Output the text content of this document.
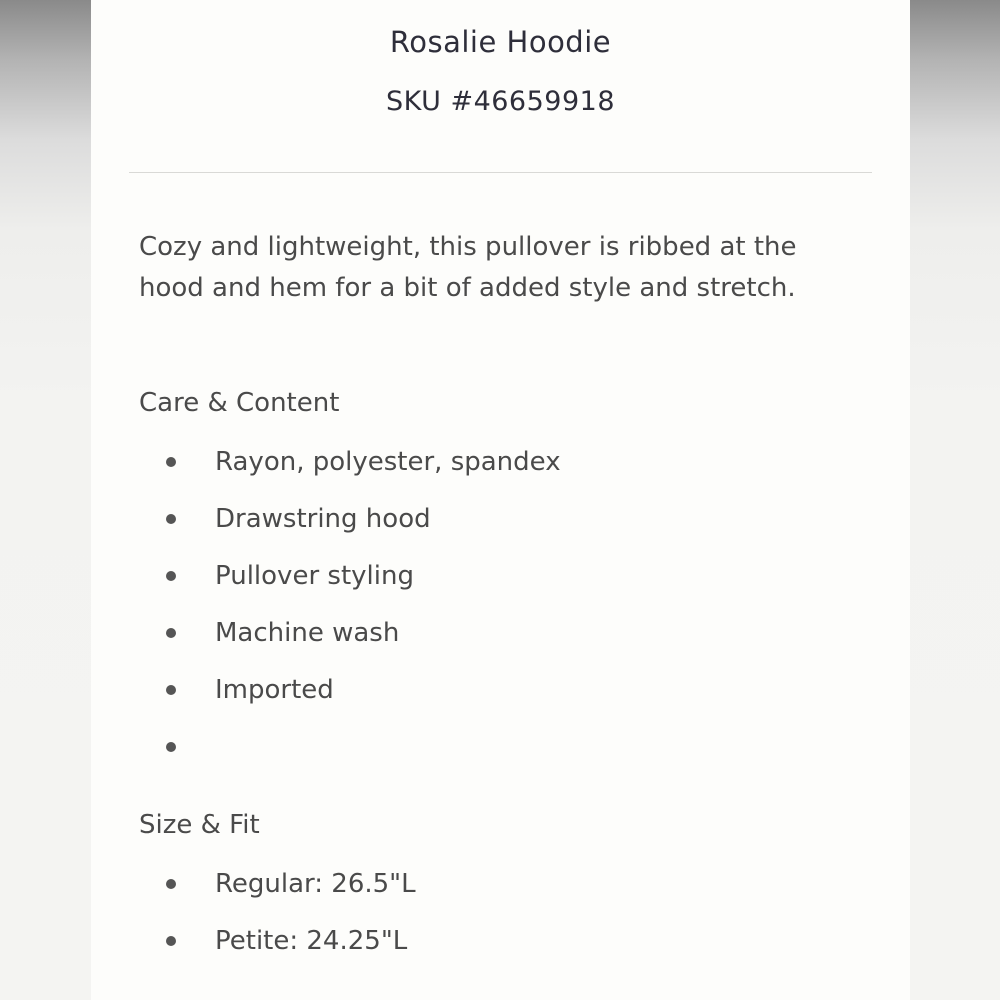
Rosalie Hoodie
SKU #46659918
Cozy and lightweight, this pullover is ribbed at the hood and hem for a bit of added style and stretch.
Care & Content
Rayon, polyester, spandex
Drawstring hood
Pullover styling
Machine wash
Imported
Size & Fit
Regular: 26.5"L
Petite: 24.25"L
